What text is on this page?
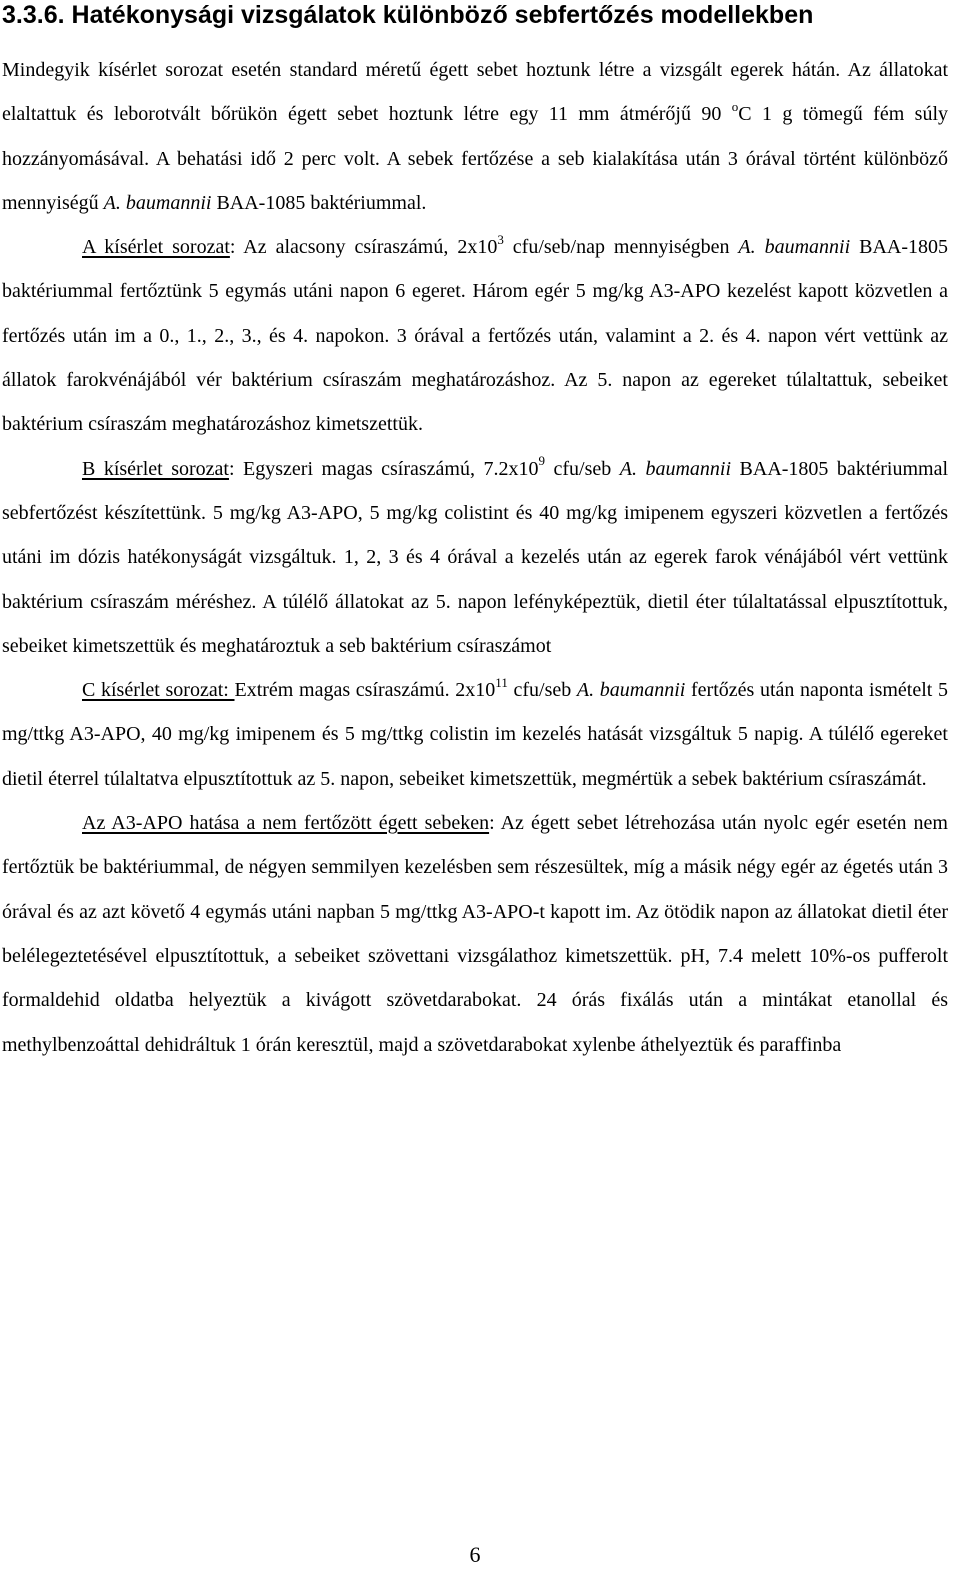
3.3.6. Hatékonysági vizsgálatok különböző sebfertőzés modellekben

Mindegyik kísérlet sorozat esetén standard méretű égett sebet hoztunk létre a vizsgált egerek hátán. Az állatokat elaltattuk és leborotvált bőrükön égett sebet hoztunk létre egy 11 mm átmérőjű 90 $^o$C 1 g tömegű fém súly hozzányomásával. A behatási idő 2 perc volt. A sebek fertőzése a seb kialakítása után 3 órával történt különböző mennyiségű A. baumannii BAA-1085 baktériummal.

A kísérlet sorozat: Az alacsony csíraszámú, $2x10^3$ cfu/seb/nap mennyiségben A. baumannii BAA-1805 baktériummal fertőztünk 5 egymás utáni napon 6 egeret. Három egér 5 mg/kg A3-APO kezelést kapott közvetlen a fertőzés után im a 0., 1., 2., 3., és 4. napokon. 3 órával a fertőzés után, valamint a 2. és 4. napon vért vettünk az állatok farokvénájából vér baktérium csíraszám meghatározáshoz. Az 5. napon az egereket túlaltattuk, sebeiket baktérium csíraszám meghatározáshoz kimetszettük.

B kísérlet sorozat: Egyszeri magas csíraszámú, $7.2x10^9$ cfu/seb A. baumannii BAA-1805 baktériummal sebfertőzést készítettünk. 5 mg/kg A3-APO, 5 mg/kg colistint és 40 mg/kg imipenem egyszeri közvetlen a fertőzés utáni im dózis hatékonyságát vizsgáltuk. 1, 2, 3 és 4 órával a kezelés után az egerek farok vénájából vért vettünk baktérium csíraszám méréshez. A túlélő állatokat az 5. napon lefényképeztük, dietil éter túlaltatással elpusztítottuk, sebeiket kimetszettük és meghatároztuk a seb baktérium csíraszámot

C kísérlet sorozat: Extrém magas csíraszámú. $2x10^{11}$ cfu/seb A. baumannii fertőzés után naponta ismételt 5 mg/ttkg A3-APO, 40 mg/kg imipenem és 5 mg/ttkg colistin im kezelés hatását vizsgáltuk 5 napig. A túlélő egereket dietil éterrel túlaltatva elpusztítottuk az 5. napon, sebeiket kimetszettük, megmértük a sebek baktérium csíraszámát.

Az A3-APO hatása a nem fertőzött égett sebeken: Az égett sebet létrehozása után nyolc egér esetén nem fertőztük be baktériummal, de négyen semmilyen kezelésben sem részesültek, míg a másik négy egér az égetés után 3 órával és az azt követő 4 egymás utáni napban 5 mg/ttkg A3-APO-t kapott im. Az ötödik napon az állatokat dietil éter belélegeztetésével elpusztítottuk, a sebeiket szövettani vizsgálathoz kimetszettük. pH, 7.4 melett 10%-os pufferolt formaldehid oldatba helyeztük a kivágott szövetdarabokat. 24 órás fixálás után a mintákat etanollal és methylbenzoáttal dehidráltuk 1 órán keresztül, majd a szövetdarabokat xylenbe áthelyeztük és paraffinba

6
